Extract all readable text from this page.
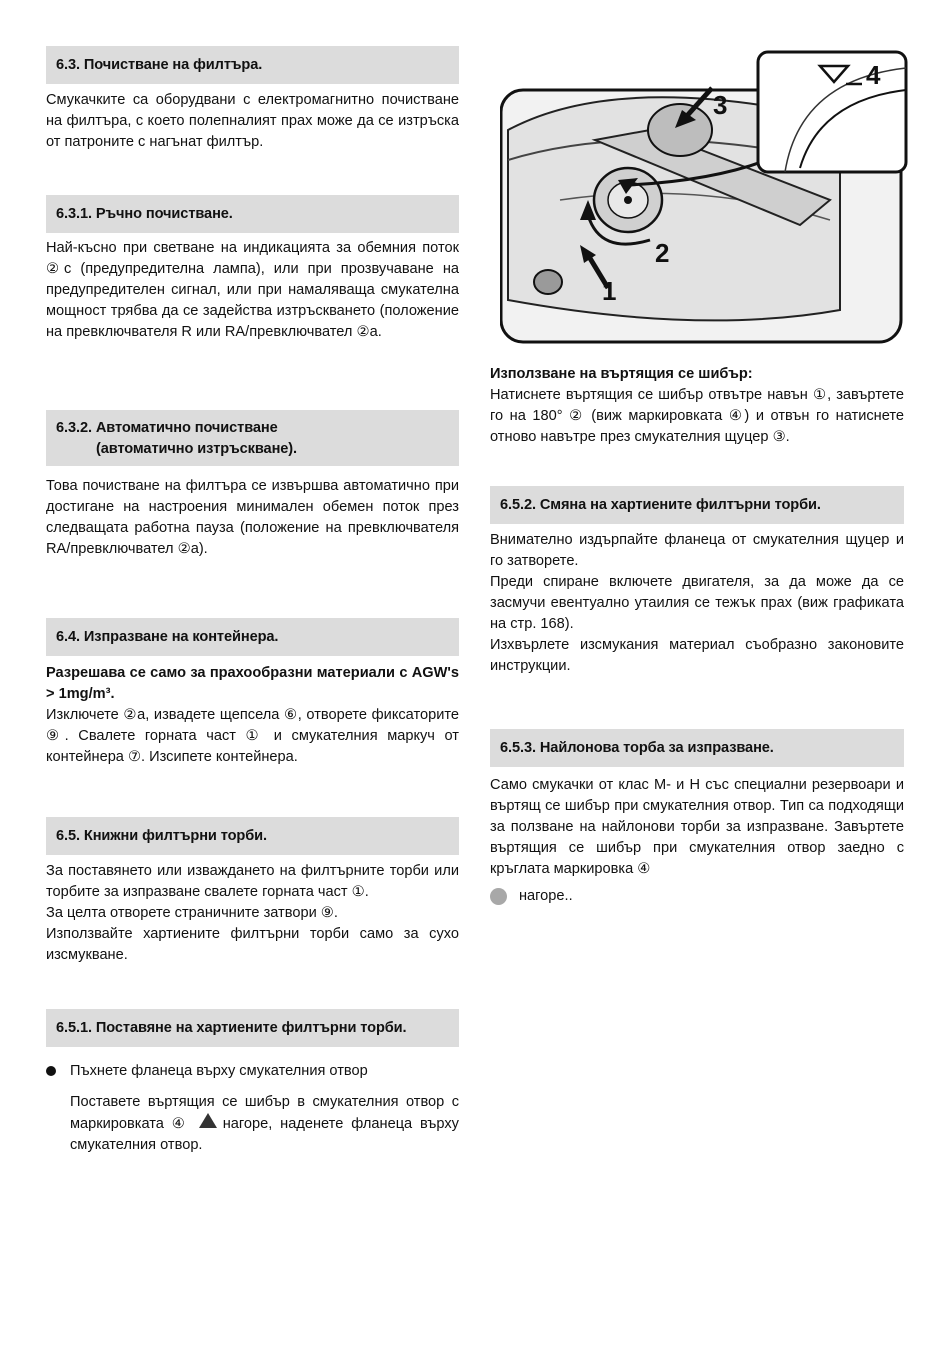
6.3. Почистване на филтъра.

Смукачките са оборудвани с електромагнитно почистване на филтъра, с което полепналият прах може да се изтръска от патроните с нагънат филтър.

6.3.1. Ръчно почистване.

Най-късно при светване на индикацията за обемния поток ②с (предупредителна лампа), или при прозвучаване на предупредителен сигнал, или при намаляваща смукателна мощност трябва да се задейства изтръскването (положение на превключвателя R или RA/превключвател ②а.

6.3.2. Автоматично почистване
(автоматично изтръскване).

Това почистване на филтъра се извършва автоматично при достигане на настроения минимален обемен поток през следващата работна пауза (положение на превключвателя RA/превключвател ②а).

6.4. Изпразване на контейнера.

Разрешава се само за прахообразни материали с AGW's > 1mg/m³.

Изключете ②а, извадете щепсела ⑥, отворете фиксаторите ⑨. Свалете горната част ① и смукателния маркуч от контейнера ⑦. Изсипете контейнера.

6.5. Книжни филтърни торби.

За поставянето или изваждането на филтърните торби или торбите за изпразване свалете горната част ①.

За целта отворете страничните затвори ⑨.

Използвайте хартиените филтърни торби само за сухо изсмукване.

6.5.1. Поставяне на хартиените филтърни торби.
Пъхнете фланеца върху смукателния отвор

Поставете въртящия се шибър в смукателния отвор с маркировката ④ нагоре, наденете фланеца върху смукателния отвор.

3
2
1
4

Използване на въртящия се шибър:

Натиснете въртящия се шибър отвътре навън ①, завъртете го на 180° ② (виж маркировката ④) и отвън го натиснете отново навътре през смукателния щуцер ③.

6.5.2. Смяна на хартиените филтърни торби.

Внимателно издърпайте фланеца от смукателния щуцер и го затворете.

Преди спиране включете двигателя, за да може да се засмучи евентуално утаилия се тежък прах (виж графиката на стр. 168).

Изхвърлете изсмукания материал съобразно законовите инструкции.

6.5.3. Найлонова торба за изпразване.

Само смукачки от клас М- и Н със специални резервоари и въртящ се шибър при смукателния отвор. Тип са подходящи за ползване на найлонови торби за изпразване. Завъртете въртящия се шибър при смукателния отвор заедно с кръглата маркировка ④

нагоре..
